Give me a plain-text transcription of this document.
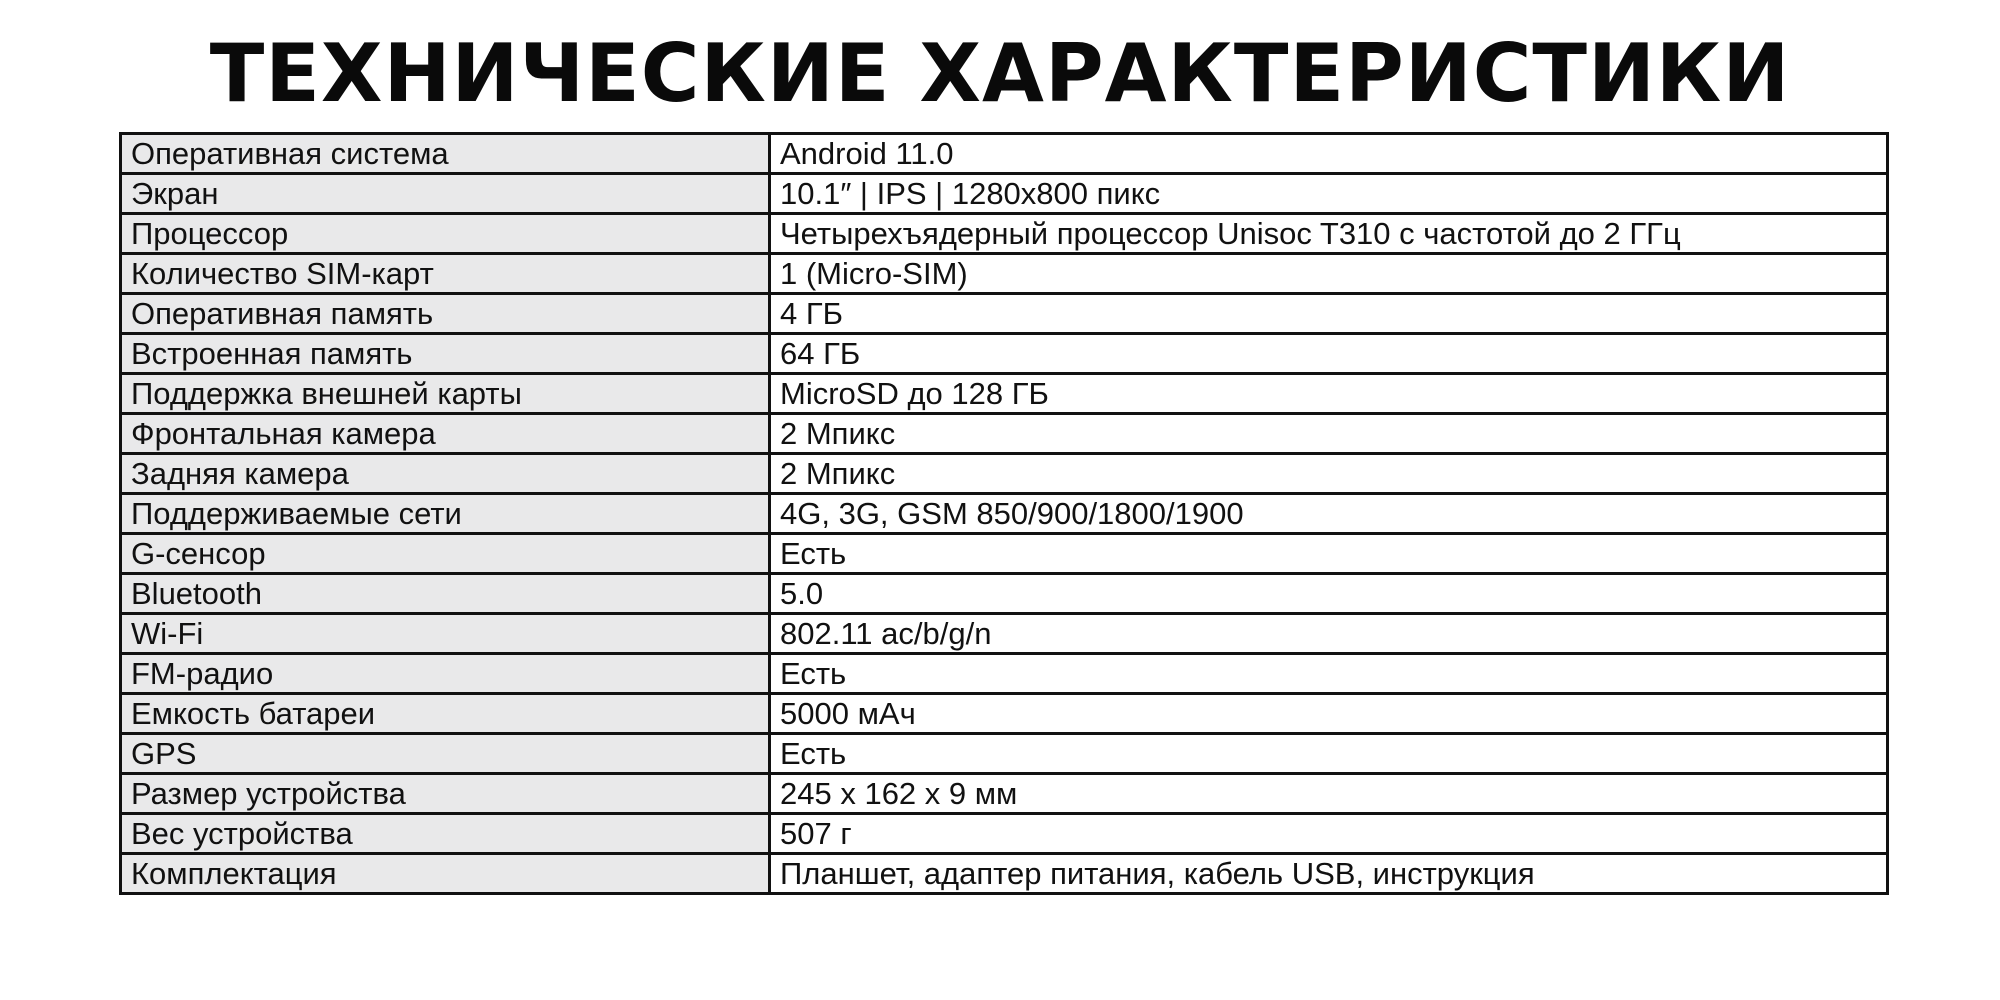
ТЕХНИЧЕСКИЕ ХАРАКТЕРИСТИКИ
Оперативная система	Android 11.0
Экран	10.1″ | IPS | 1280x800 пикс
Процессор	Четырехъядерный процессор Unisoc T310 с частотой до 2 ГГц
Количество SIM-карт	1 (Micro-SIM)
Оперативная память	4 ГБ
Встроенная память	64 ГБ
Поддержка внешней карты	MicroSD до 128 ГБ
Фронтальная камера	2 Мпикс
Задняя камера	2 Мпикс
Поддерживаемые сети	4G, 3G, GSM 850/900/1800/1900
G-сенсор	Есть
Bluetooth	5.0
Wi-Fi	802.11 ac/b/g/n
FM-радио	Есть
Емкость батареи	5000 мАч
GPS	Есть
Размер устройства	245 x 162 x 9 мм
Вес устройства	507 г
Комплектация	Планшет, адаптер питания, кабель USB, инструкция
